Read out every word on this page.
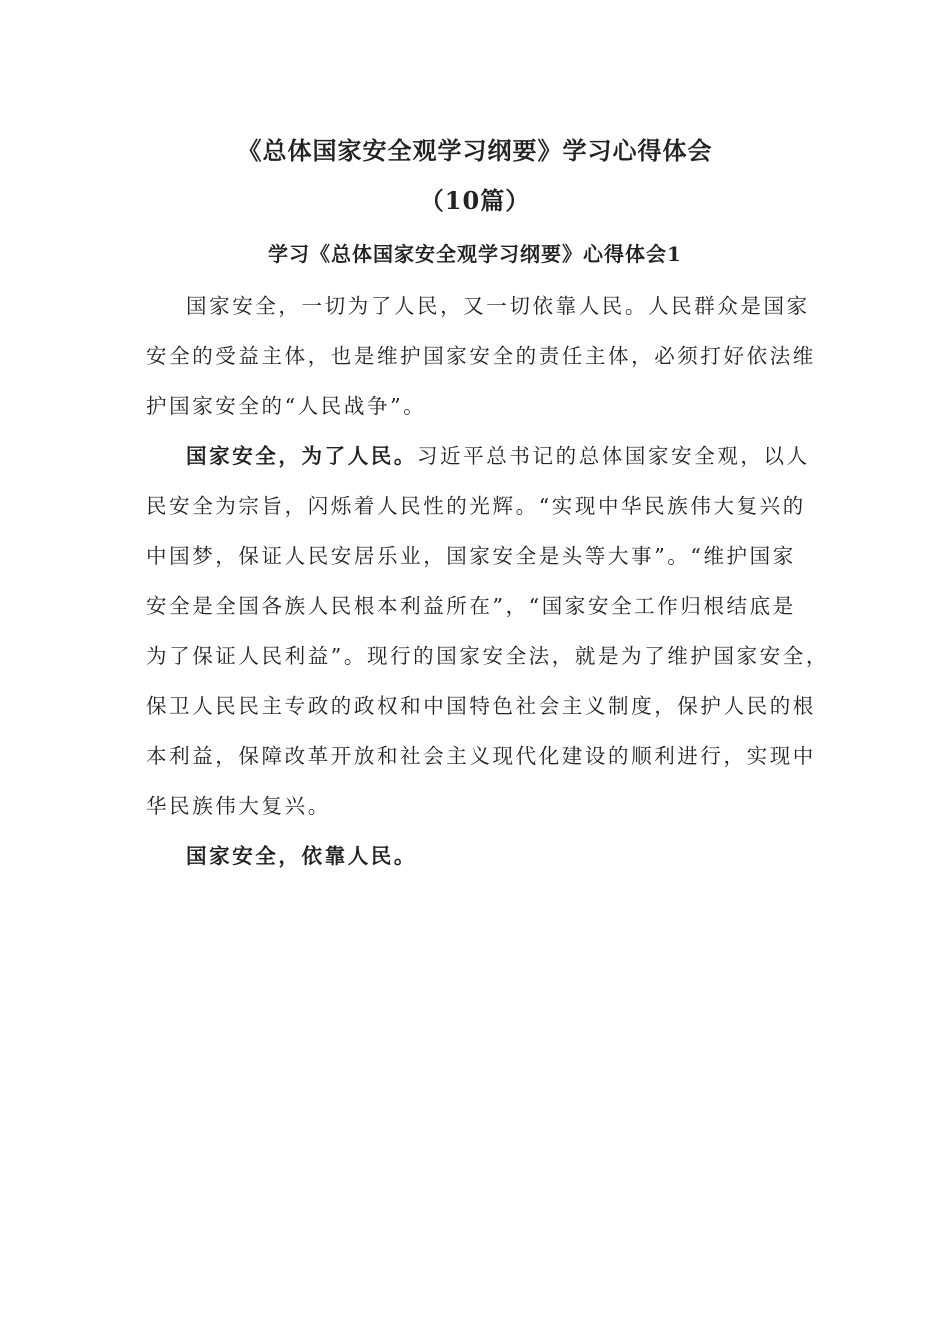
《总体国家安全观学习纲要》学习心得体会
（10篇）
学习《总体国家安全观学习纲要》心得体会1
国家安全，一切为了人民，又一切依靠人民。人民群众是国家
安全的受益主体，也是维护国家安全的责任主体，必须打好依法维
护国家安全的“人民战争”。
国家安全，为了人民。习近平总书记的总体国家安全观，以人
民安全为宗旨，闪烁着人民性的光辉。“实现中华民族伟大复兴的
中国梦，保证人民安居乐业，国家安全是头等大事”。“维护国家
安全是全国各族人民根本利益所在”，“国家安全工作归根结底是
为了保证人民利益”。现行的国家安全法，就是为了维护国家安全，
保卫人民民主专政的政权和中国特色社会主义制度，保护人民的根
本利益，保障改革开放和社会主义现代化建设的顺利进行，实现中
华民族伟大复兴。
国家安全，依靠人民。
